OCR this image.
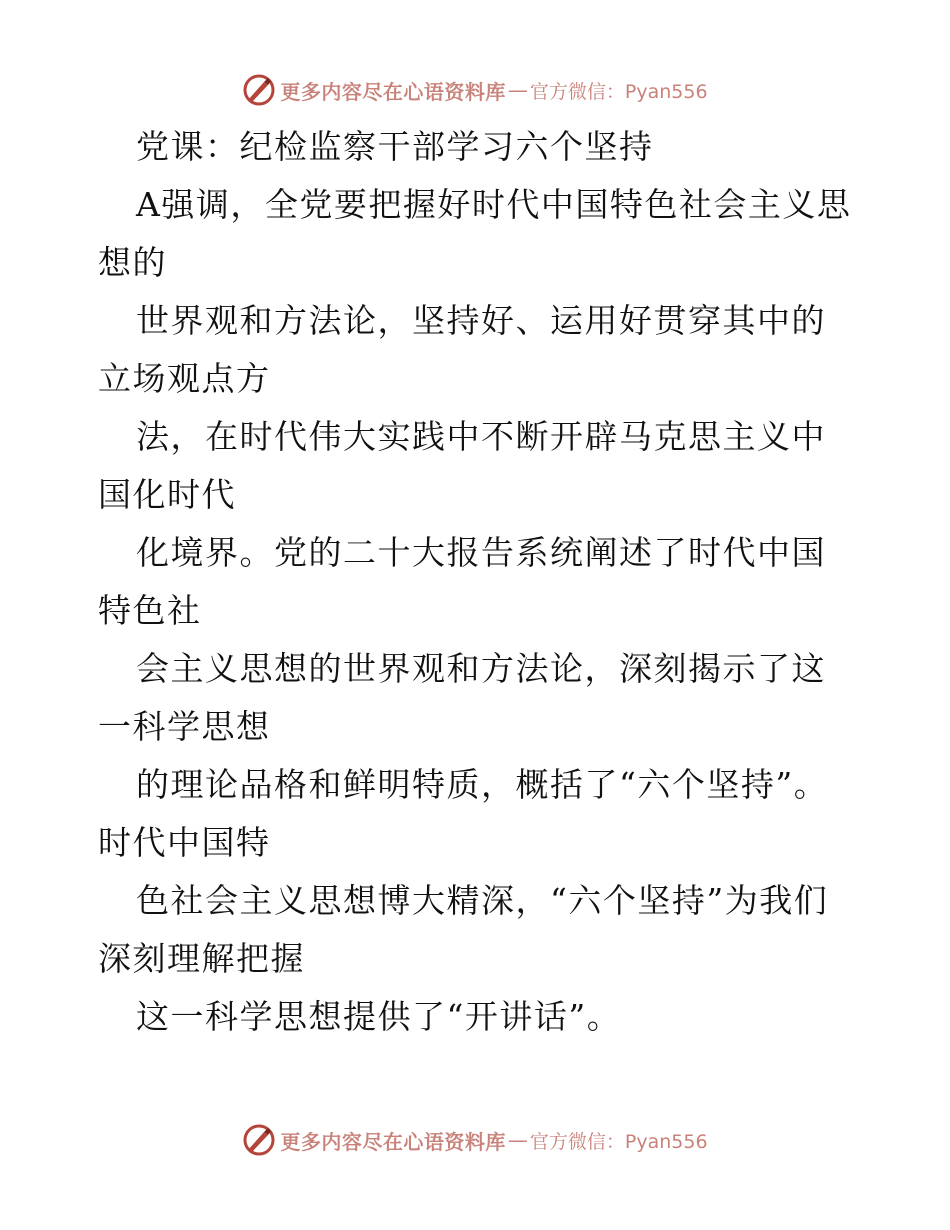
更多内容尽在心语资料库 — 官方微信：Pyan556

党课：纪检监察干部学习六个坚持

A强调，全党要把握好时代中国特色社会主义思想的

世界观和方法论，坚持好、运用好贯穿其中的立场观点方

法，在时代伟大实践中不断开辟马克思主义中国化时代

化境界。党的二十大报告系统阐述了时代中国特色社

会主义思想的世界观和方法论，深刻揭示了这一科学思想

的理论品格和鲜明特质，概括了“六个坚持”。时代中国特

色社会主义思想博大精深，“六个坚持”为我们深刻理解把握

这一科学思想提供了“开讲话”。

更多内容尽在心语资料库 — 官方微信：Pyan556
